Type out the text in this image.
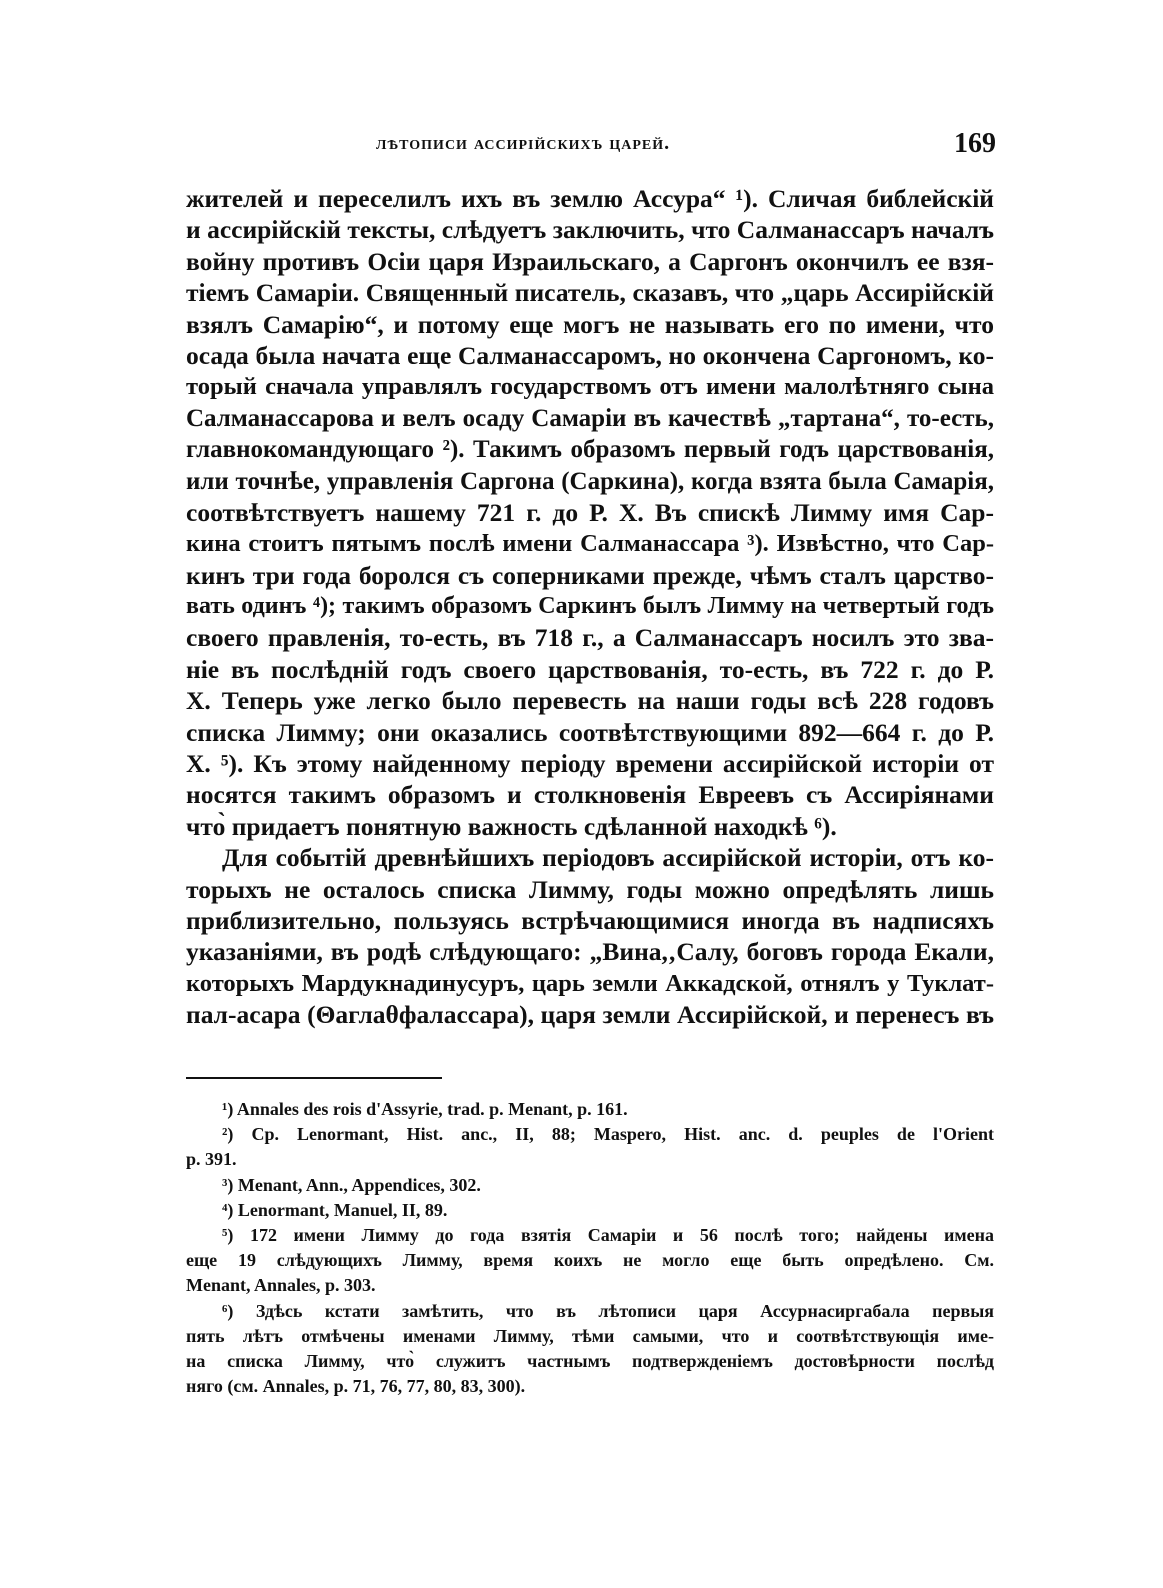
лѣтописи ассирійскихъ царей.	169
жителей и переселилъ ихъ въ землю Ассура“ ¹). Сличая библейскій
и ассирійскій тексты, слѣдуетъ заключить, что Салманассаръ началъ
войну противъ Осіи царя Израильскаго, а Саргонъ окончилъ ее взя-
тіемъ Самаріи. Священный писатель, сказавъ, что „царь Ассирійскій
взялъ Самарію“, и потому еще могъ не называть его по имени, что
осада была начата еще Салманассаромъ, но окончена Саргономъ, ко-
торый сначала управлялъ государствомъ отъ имени малолѣтняго сына
Салманассарова и велъ осаду Самаріи въ качествѣ „тартана“, то-есть,
главнокомандующаго ²). Такимъ образомъ первый годъ царствованія,
или точнѣе, управленія Саргона (Саркина), когда взята была Самарія,
соотвѣтствуетъ нашему 721 г. до Р. Х. Въ спискѣ Лимму имя Сар-
кина стоитъ пятымъ послѣ имени Салманассара ³). Извѣстно, что Сар-
кинъ три года боролся съ соперниками прежде, чѣмъ сталъ царство-
вать одинъ ⁴); такимъ образомъ Саркинъ былъ Лимму на четвертый годъ
своего правленія, то-есть, въ 718 г., а Салманассаръ носилъ это зва-
ніе въ послѣдній годъ своего царствованія, то-есть, въ 722 г. до Р.
Х. Теперь уже легко было перевесть на наши годы всѣ 228 годовъ
списка Лимму; они оказались соотвѣтствующими 892—664 г. до Р.
Х. ⁵). Къ этому найденному періоду времени ассирійской исторіи от
носятся такимъ образомъ и столкновенія Евреевъ съ Ассиріянами
что̀ придаетъ понятную важность сдѣланной находкѣ ⁶).
Для событій древнѣйшихъ періодовъ ассирійской исторіи, отъ ко-
торыхъ не осталось списка Лимму, годы можно опредѣлять лишь
приблизительно, пользуясь встрѣчающимися иногда въ надписяхъ
указаніями, въ родѣ слѣдующаго: „Вина,‚Салу, боговъ города Екали,
которыхъ Мардукнадинусуръ, царь земли Аккадской, отнялъ у Туклат-
пал-асара (Θаглаθфалассара), царя земли Ассирійской, и перенесъ въ
¹) Annales des rois d'Assyrie, trad. p. Menant, p. 161.
²) Ср. Lenormant, Hist. anc., II, 88; Maspero, Hist. anc. d. peuples de l'Orient
p. 391.
³) Menant, Ann., Appendices, 302.
⁴) Lenormant, Manuel, II, 89.
⁵) 172 имени Лимму до года взятія Самаріи и 56 послѣ того; найдены имена
еще 19 слѣдующихъ Лимму, время коихъ не могло еще быть опредѣлено. См.
Menant, Annales, p. 303.
⁶) Здѣсь кстати замѣтить, что въ лѣтописи царя Ассурнасиргабала первыя
пять лѣтъ отмѣчены именами Лимму, тѣми самыми, что и соотвѣтствующія име-
на списка Лимму, что̀ служитъ частнымъ подтвержденіемъ достовѣрности послѣд
няго (см. Annales, p. 71, 76, 77, 80, 83, 300).
